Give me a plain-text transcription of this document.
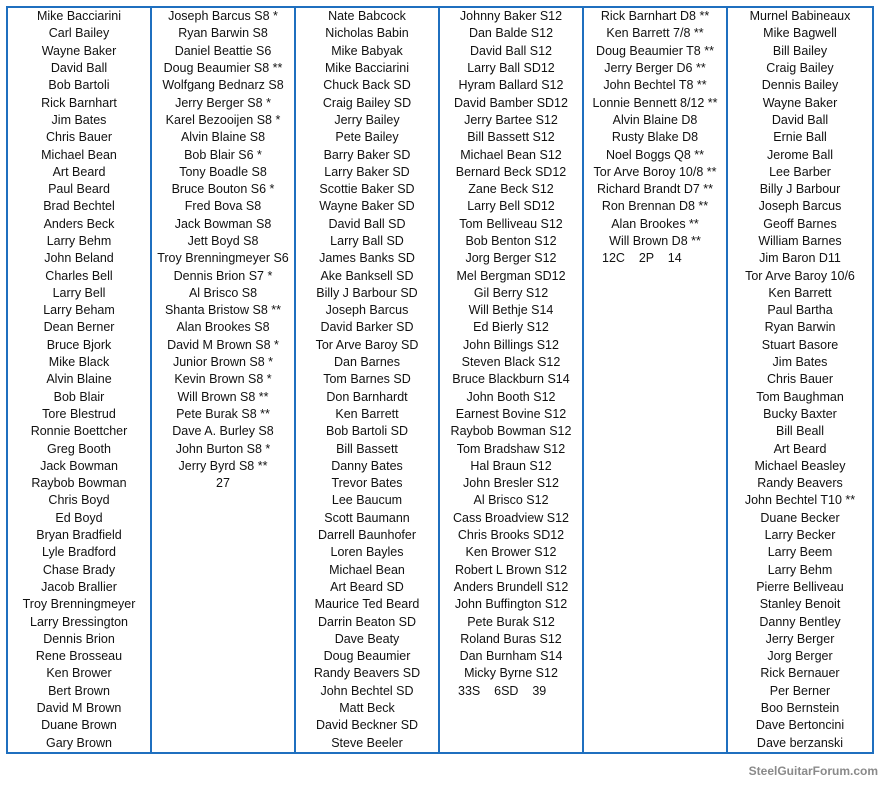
Mike Bacciarini	Joseph Barcus S8 *	Nate Babcock	Johnny Baker S12	Rick Barnhart D8 **	Murnel Babineaux
Carl Bailey	Ryan Barwin S8	Nicholas Babin	Dan Balde S12	Ken Barrett 7/8 **	Mike Bagwell
Wayne Baker	Daniel Beattie S6	Mike Babyak	David Ball S12	Doug Beaumier T8 **	Bill Bailey
David Ball	Doug Beaumier S8 **	Mike Bacciarini	Larry Ball SD12	Jerry Berger D6 **	Craig Bailey
Bob Bartoli	Wolfgang Bednarz S8	Chuck Back SD	Hyram Ballard S12	John Bechtel T8 **	Dennis Bailey
Rick Barnhart	Jerry Berger S8 *	Craig Bailey SD	David Bamber SD12	Lonnie Bennett 8/12 **	Wayne Baker
Jim Bates	Karel Bezooijen S8 *	Jerry Bailey	Jerry Bartee S12	Alvin Blaine D8	David Ball
Chris Bauer	Alvin Blaine S8	Pete Bailey	Bill Bassett S12	Rusty Blake D8	Ernie Ball
Michael Bean	Bob Blair S6 *	Barry Baker SD	Michael Bean S12	Noel Boggs Q8 **	Jerome Ball
Art Beard	Tony Boadle S8	Larry Baker SD	Bernard Beck SD12	Tor Arve Boroy 10/8 **	Lee Barber
Paul Beard	Bruce Bouton S6 *	Scottie Baker SD	Zane Beck S12	Richard Brandt D7 **	Billy J Barbour
Brad Bechtel	Fred Bova S8	Wayne Baker SD	Larry Bell SD12	Ron Brennan D8 **	Joseph Barcus
Anders Beck	Jack Bowman S8	David Ball SD	Tom Belliveau S12	Alan Brookes **	Geoff Barnes
Larry Behm	Jett Boyd S8	Larry Ball SD	Bob Benton S12	Will Brown D8 **	William Barnes
John Beland	Troy Brenningmeyer S6	James Banks SD	Jorg Berger S12	12C    2P    14	Jim Baron D11
Charles Bell	Dennis Brion S7 *	Ake Banksell SD	Mel Bergman SD12		Tor Arve Baroy 10/6
Larry Bell	Al Brisco S8	Billy J Barbour SD	Gil Berry S12		Ken Barrett
Larry Beham	Shanta Bristow S8 **	Joseph Barcus	Will Bethje S14		Paul Bartha
Dean Berner	Alan Brookes S8	David Barker SD	Ed Bierly S12		Ryan Barwin
Bruce Bjork	David M Brown S8 *	Tor Arve Baroy SD	John Billings S12		Stuart Basore
Mike Black	Junior Brown S8 *	Dan Barnes	Steven Black S12		Jim Bates
Alvin Blaine	Kevin Brown S8 *	Tom Barnes SD	Bruce Blackburn S14		Chris Bauer
Bob Blair	Will Brown S8 **	Don Barnhardt	John Booth S12		Tom Baughman
Tore Blestrud	Pete Burak S8 **	Ken Barrett	Earnest Bovine S12		Bucky Baxter
Ronnie Boettcher	Dave A. Burley S8	Bob Bartoli SD	Raybob Bowman S12		Bill Beall
Greg Booth	John Burton S8 *	Bill Bassett	Tom Bradshaw S12		Art Beard
Jack Bowman	Jerry Byrd S8 **	Danny Bates	Hal Braun S12		Michael Beasley
Raybob Bowman	27	Trevor Bates	John Bresler S12		Randy Beavers
Chris Boyd		Lee Baucum	Al Brisco S12		John Bechtel T10 **
Ed Boyd		Scott Baumann	Cass Broadview S12		Duane Becker
Bryan Bradfield		Darrell Baunhofer	Chris Brooks SD12		Larry Becker
Lyle Bradford		Loren Bayles	Ken Brower S12		Larry Beem
Chase Brady		Michael Bean	Robert L Brown S12		Larry Behm
Jacob Brallier		Art Beard SD	Anders Brundell S12		Pierre Belliveau
Troy Brenningmeyer		Maurice Ted Beard	John Buffington S12		Stanley Benoit
Larry Bressington		Darrin Beaton SD	Pete Burak S12		Danny Bentley
Dennis Brion		Dave Beaty	Roland Buras S12		Jerry Berger
Rene Brosseau		Doug Beaumier	Dan Burnham S14		Jorg Berger
Ken Brower		Randy Beavers SD	Micky Byrne S12		Rick Bernauer
Bert Brown		John Bechtel SD	33S    6SD    39		Per Berner
David M Brown		Matt Beck			Boo Bernstein
Duane Brown		David Beckner SD			Dave Bertoncini
Gary Brown		Steve Beeler			Dave berzanski
SteelGuitarForum.com
